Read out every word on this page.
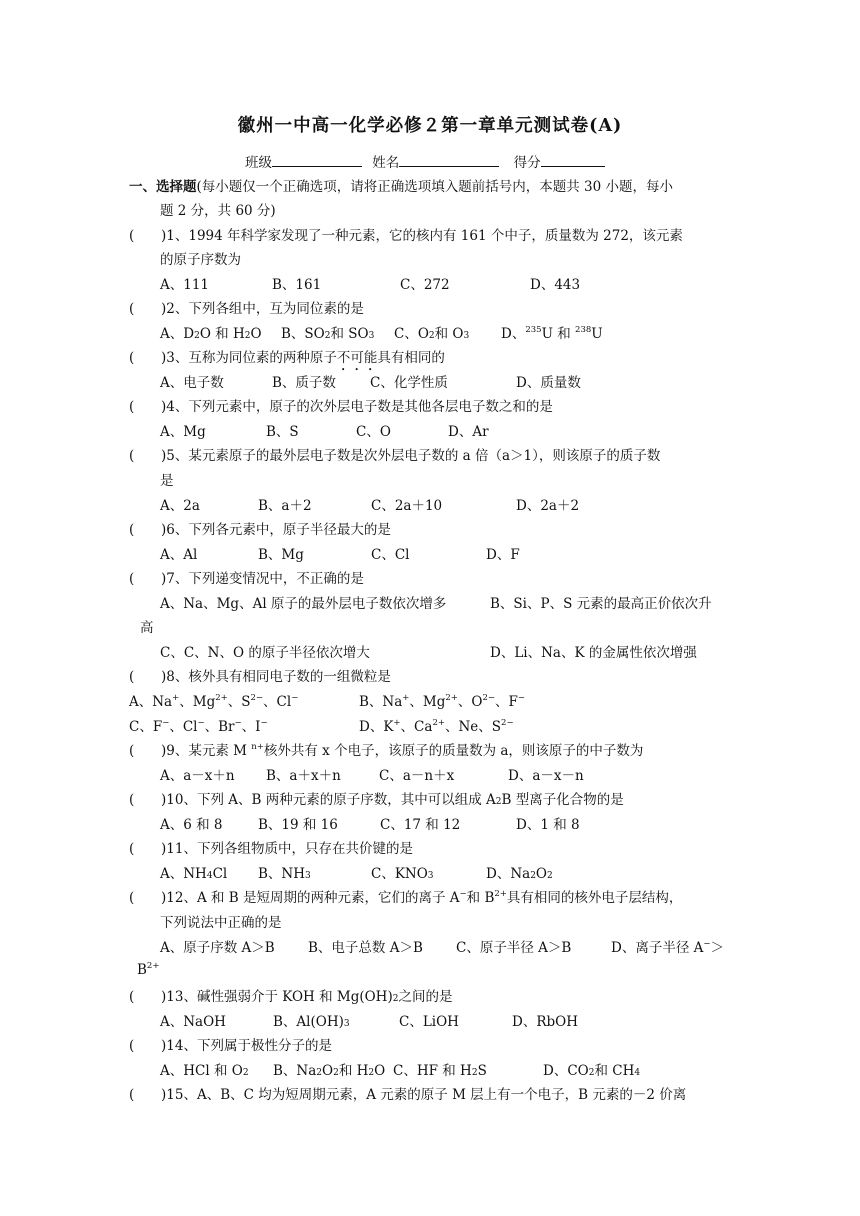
徽州一中高一化学必修２第一章单元测试卷(A)
班级	姓名	得分
一、选择题(每小题仅一个正确选项，请将正确选项填入题前括号内，本题共 30 小题，每小
题 2 分，共 60 分)
( )1、1994 年科学家发现了一种元素，它的核内有 161 个中子，质量数为 272，该元素
的原子序数为
A、111	B、161	C、272	D、443
( )2、下列各组中，互为同位素的是
A、$D_2O$ 和 $H_2O$ B、$SO_2$和 $SO_3$ C、$O_2$和 $O_3$ D、$^{235}$U 和 $^{238}$U
( )3、互称为同位素的两种原子不可能具有相同的
A、电子数	B、质子数	C、化学性质	D、质量数
( )4、下列元素中，原子的次外层电子数是其他各层电子数之和的是
A、Mg	B、S	C、O	D、Ar
( )5、某元素原子的最外层电子数是次外层电子数的 a 倍（a＞1），则该原子的质子数
是
A、2a	B、a＋2	C、2a＋10	D、2a＋2
( )6、下列各元素中，原子半径最大的是
A、Al	B、Mg	C、Cl	D、F
( )7、下列递变情况中，不正确的是
A、Na、Mg、Al 原子的最外层电子数依次增多	B、Si、P、S 元素的最高正价依次升
高
C、C、N、O 的原子半径依次增大	D、Li、Na、K 的金属性依次增强
( )8、核外具有相同电子数的一组微粒是
A、Na+、$Mg^{2+}$、$S^{2-}$、Cl−	B、Na+、$Mg^{2+}$、$O^{2-}$、F−
C、F−、Cl−、Br−、I−	D、K+、$Ca^{2+}$、Ne、$S^{2-}$
( )9、某元素 M $^{n+}$核外共有 x 个电子，该原子的质量数为 a，则该原子的中子数为
A、a－x＋n B、a＋x＋n	C、a－n＋x	D、a－x－n
( )10、下列 A、B 两种元素的原子序数，其中可以组成 $A_2B$ 型离子化合物的是
A、6 和 8	B、19 和 16	C、17 和 12	D、1 和 8
( )11、下列各组物质中，只存在共价键的是
A、$NH_4Cl$ B、$NH_3$	C、$KNO_3$	D、$Na_2O_2$
( )12、A 和 B 是短周期的两种元素，它们的离子 A−和 $B^{2+}$具有相同的核外电子层结构，
下列说法中正确的是
A、原子序数 A＞B B、电子总数 A＞B C、原子半径 A＞B	D、离子半径 A−＞
$B^{2+}$
( )13、碱性强弱介于 KOH 和 $Mg(OH)_2$之间的是
A、NaOH	B、$Al(OH)_3$	C、LiOH	D、RbOH
( )14、下列属于极性分子的是
A、HCl 和 $O_2$ B、$Na_2O_2$和 $H_2O$ C、HF 和 $H_2S$	D、$CO_2$和 $CH_4$
( )15、A、B、C 均为短周期元素，A 元素的原子 M 层上有一个电子，B 元素的－2 价离
